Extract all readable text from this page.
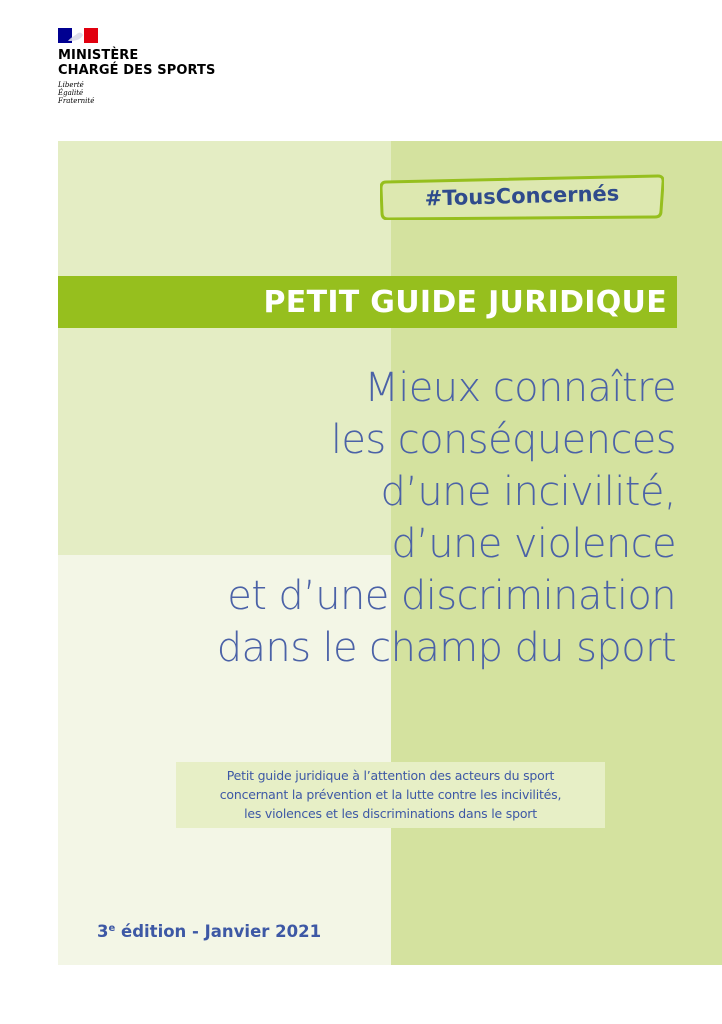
MINISTÈRE
CHARGÉ DES SPORTS
Liberté
Égalité
Fraternité
#TousConcernés
PETIT GUIDE JURIDIQUE
Mieux connaître
les conséquences
d’une incivilité,
d’une violence
et d’une discrimination
dans le champ du sport
Petit guide juridique à l’attention des acteurs du sport
concernant la prévention et la lutte contre les incivilités,
les violences et les discriminations dans le sport
3e édition - Janvier 2021
